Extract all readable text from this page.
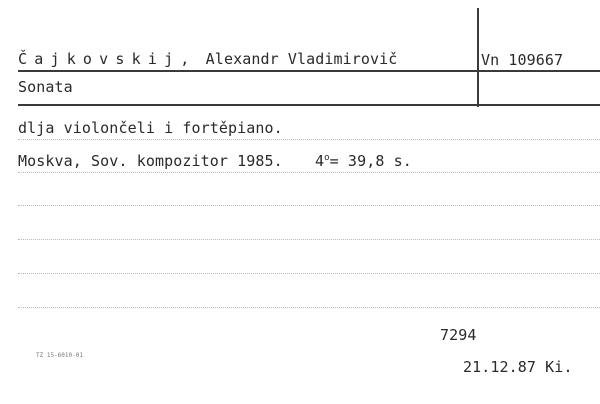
Čajkovskij, Alexandr Vladimirovič	Vn 109667
Sonata
dlja violončeli i fortěpiano.
Moskva, Sov. kompozitor 1985. $4^o= 39,8$ s.
7294
TZ 15-6010-01
21.12.87 Ki.
